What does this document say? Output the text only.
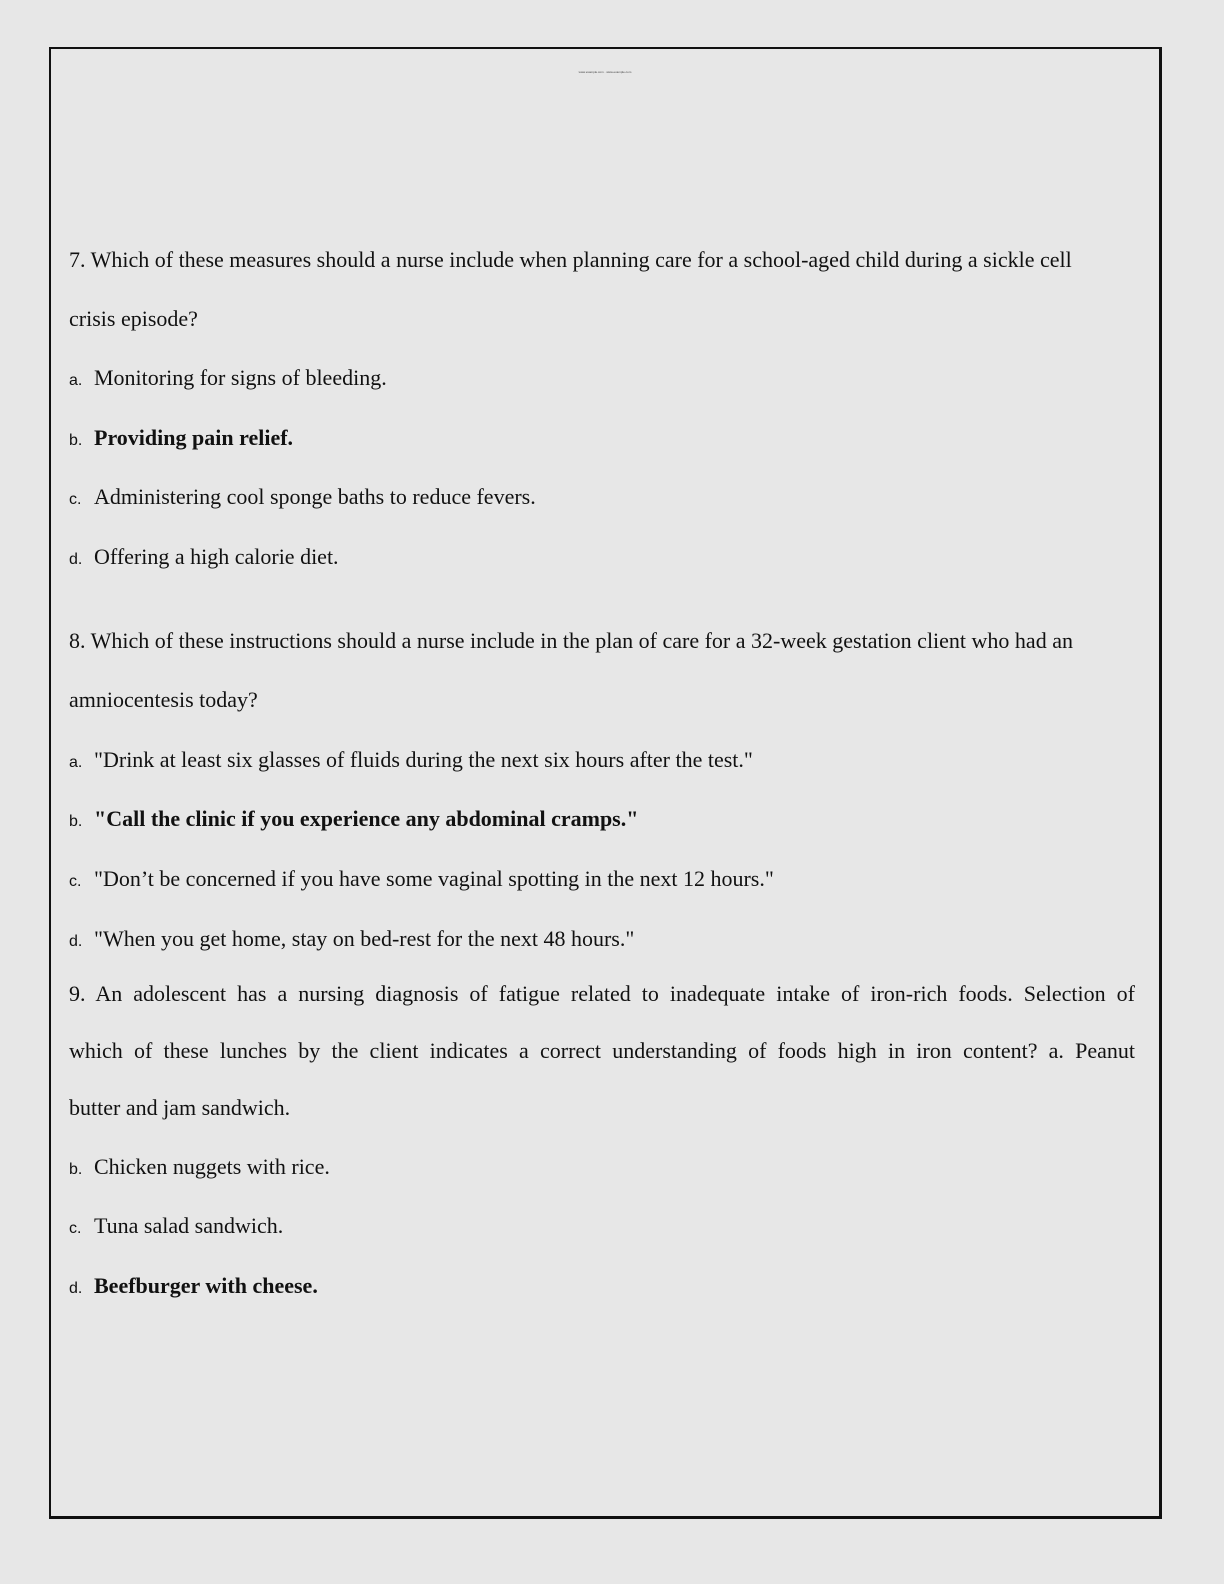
www.example.com · www.example.com
7. Which of these measures should a nurse include when planning care for a school-aged child during a sickle cell
crisis episode?
a. Monitoring for signs of bleeding.
b. Providing pain relief.
c. Administering cool sponge baths to reduce fevers.
d. Offering a high calorie diet.
8. Which of these instructions should a nurse include in the plan of care for a 32-week gestation client who had an
amniocentesis today?
a. "Drink at least six glasses of fluids during the next six hours after the test."
b. "Call the clinic if you experience any abdominal cramps."
c. "Don’t be concerned if you have some vaginal spotting in the next 12 hours."
d. "When you get home, stay on bed-rest for the next 48 hours."
9. An adolescent has a nursing diagnosis of fatigue related to inadequate intake of iron-rich foods. Selection of
which of these lunches by the client indicates a correct understanding of foods high in iron content? a. Peanut
butter and jam sandwich.
b. Chicken nuggets with rice.
c. Tuna salad sandwich.
d. Beefburger with cheese.
